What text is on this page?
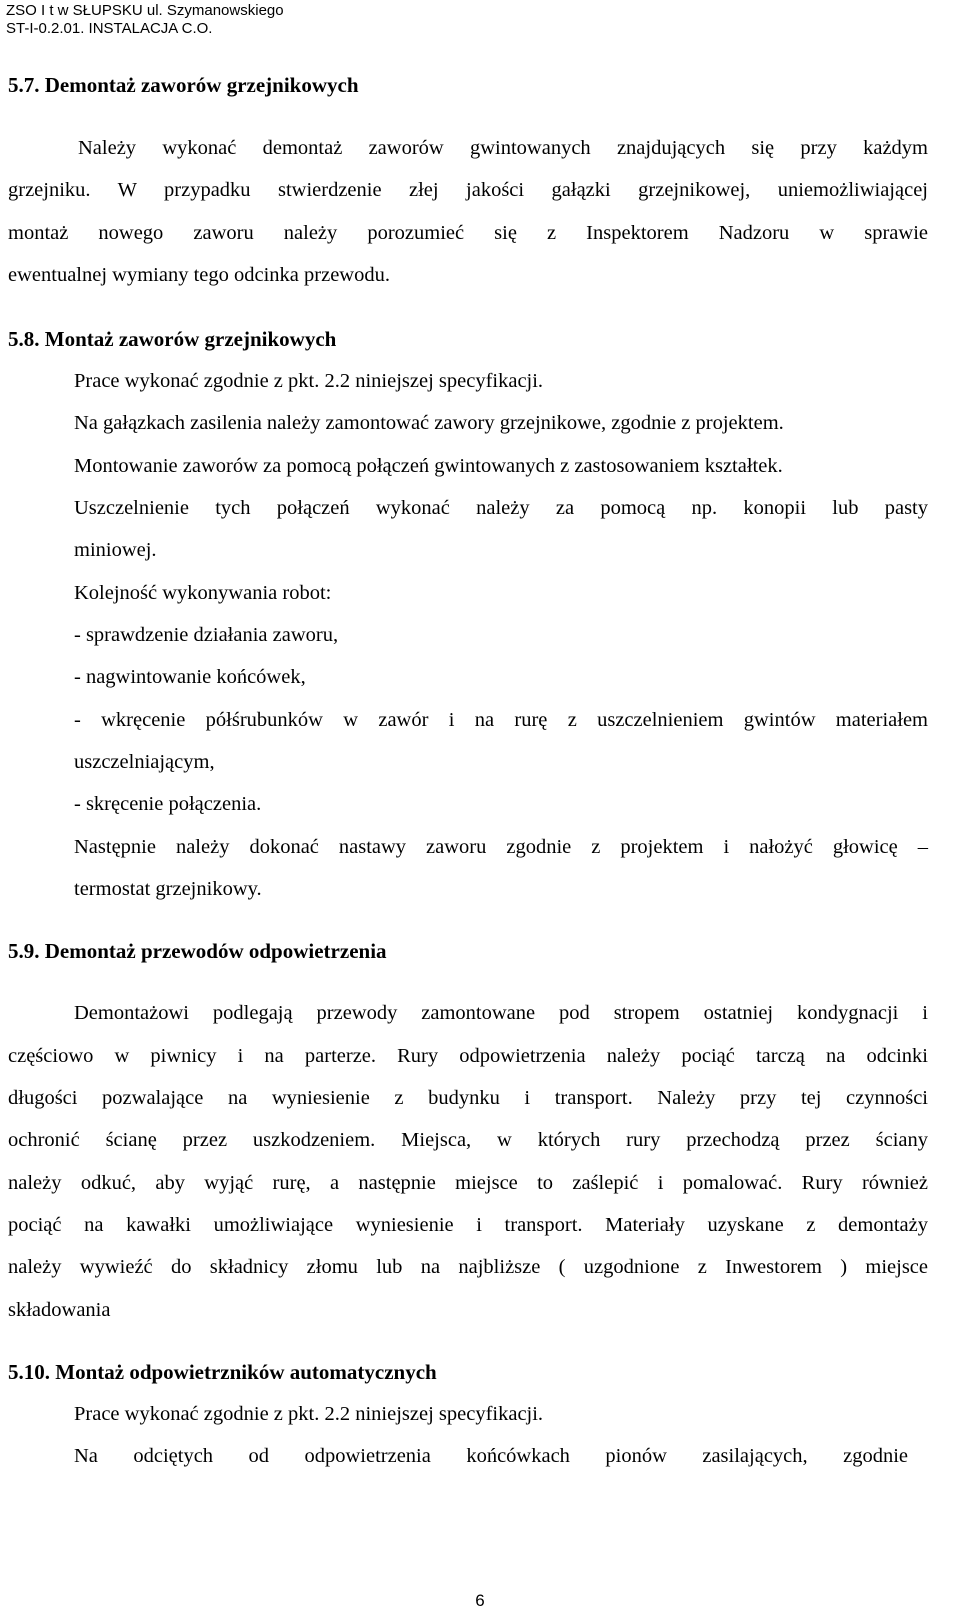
ZSO I t w SŁUPSKU ul. Szymanowskiego
ST-I-0.2.01. INSTALACJA C.O.
5.7. Demontaż zaworów grzejnikowych
Należy wykonać demontaż zaworów gwintowanych znajdujących się przy każdym
grzejniku. W przypadku stwierdzenie złej jakości gałązki grzejnikowej, uniemożliwiającej
montaż nowego zaworu należy porozumieć się z Inspektorem Nadzoru w sprawie
ewentualnej wymiany tego odcinka przewodu.
5.8. Montaż zaworów grzejnikowych
Prace wykonać zgodnie z pkt. 2.2 niniejszej specyfikacji.
Na gałązkach zasilenia należy zamontować zawory grzejnikowe, zgodnie z projektem.
Montowanie zaworów za pomocą połączeń gwintowanych z zastosowaniem kształtek.
Uszczelnienie tych połączeń wykonać należy za pomocą np. konopii lub pasty
miniowej.
Kolejność wykonywania robot:
- sprawdzenie działania zaworu,
- nagwintowanie końcówek,
- wkręcenie półśrubunków w zawór i na rurę z uszczelnieniem gwintów materiałem
uszczelniającym,
- skręcenie połączenia.
Następnie należy dokonać nastawy zaworu zgodnie z projektem i nałożyć głowicę –
termostat grzejnikowy.
5.9. Demontaż przewodów odpowietrzenia
Demontażowi podlegają przewody zamontowane pod stropem ostatniej kondygnacji i
częściowo w piwnicy i na parterze. Rury odpowietrzenia należy pociąć tarczą na odcinki
długości pozwalające na wyniesienie z budynku i transport. Należy przy tej czynności
ochronić ścianę przez uszkodzeniem. Miejsca, w których rury przechodzą przez ściany
należy odkuć, aby wyjąć rurę, a następnie miejsce to zaślepić i pomalować. Rury również
pociąć na kawałki umożliwiające wyniesienie i transport. Materiały uzyskane z demontaży
należy wywieźć do składnicy złomu lub na najbliższe ( uzgodnione z Inwestorem ) miejsce
składowania
5.10. Montaż odpowietrzników automatycznych
Prace wykonać zgodnie z pkt. 2.2 niniejszej specyfikacji.
Na odciętych od odpowietrzenia końcówkach pionów zasilających, zgodnie
6
